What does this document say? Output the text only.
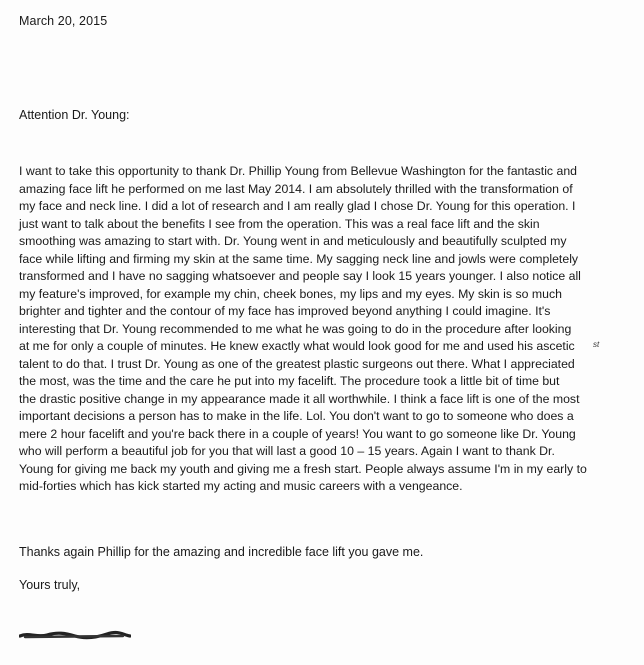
March 20, 2015
Attention Dr. Young:
I want to take this opportunity to thank Dr. Phillip Young from Bellevue Washington for the fantastic and
amazing face lift he performed on me last May 2014. I am absolutely thrilled with the transformation of
my face and neck line. I did a lot of research and I am really glad I chose Dr. Young for this operation. I
just want to talk about the benefits I see from the operation. This was a real face lift and the skin
smoothing was amazing to start with. Dr. Young went in and meticulously and beautifully sculpted my
face while lifting and firming my skin at the same time. My sagging neck line and jowls were completely
transformed and I have no sagging whatsoever and people say I look 15 years younger. I also notice all
my feature's improved, for example my chin, cheek bones, my lips and my eyes. My skin is so much
brighter and tighter and the contour of my face has improved beyond anything I could imagine. It's
interesting that Dr. Young recommended to me what he was going to do in the procedure after looking
at me for only a couple of minutes. He knew exactly what would look good for me and used his ascetic
talent to do that. I trust Dr. Young as one of the greatest plastic surgeons out there. What I appreciated
the most, was the time and the care he put into my facelift. The procedure took a little bit of time but
the drastic positive change in my appearance made it all worthwhile. I think a face lift is one of the most
important decisions a person has to make in the life. Lol. You don't want to go to someone who does a
mere 2 hour facelift and you're back there in a couple of years! You want to go someone like Dr. Young
who will perform a beautiful job for you that will last a good 10 – 15 years. Again I want to thank Dr.
Young for giving me back my youth and giving me a fresh start. People always assume I'm in my early to
mid-forties which has kick started my acting and music careers with a vengeance.
st
Thanks again Phillip for the amazing and incredible face lift you gave me.
Yours truly,
